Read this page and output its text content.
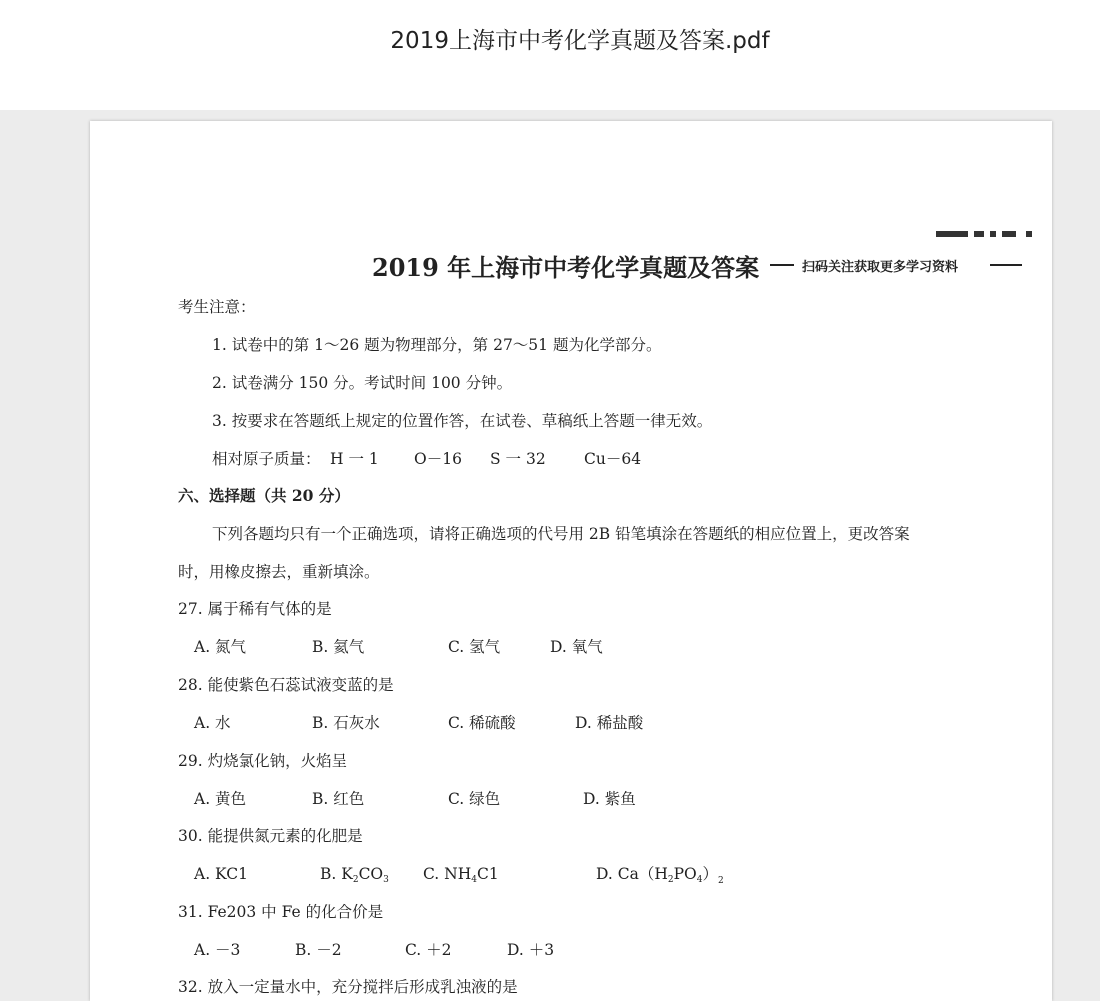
2019上海市中考化学真题及答案.pdf
2019 年上海市中考化学真题及答案	扫码关注获取更多学习资料
考生注意：
1. 试卷中的第 1～26 题为物理部分，第 27～51 题为化学部分。
2. 试卷满分 150 分。考试时间 100 分钟。
3. 按要求在答题纸上规定的位置作答，在试卷、草稿纸上答题一律无效。
相对原子质量： H 一 1 O－16 S 一 32 Cu－64
六、选择题（共 20 分）
下列各题均只有一个正确选项，请将正确选项的代号用 2B 铅笔填涂在答题纸的相应位置上，更改答案
时，用橡皮擦去，重新填涂。
27. 属于稀有气体的是
A. 氮气	B. 氦气	C. 氢气	D. 氧气
28. 能使紫色石蕊试液变蓝的是
A. 水	B. 石灰水	C. 稀硫酸	D. 稀盐酸
29. 灼烧氯化钠，火焰呈
A. 黄色	B. 红色	C. 绿色	D. 紫鱼
30. 能提供氮元素的化肥是
A. KC1	B. $K_2CO_3$ C. $NH_4C1$	D. $Ca(H_2PO_4)_2$
31. Fe203 中 Fe 的化合价是
A. －3	B. －2	C. ＋2	D. ＋3
32. 放入一定量水中，充分搅拌后形成乳浊液的是
